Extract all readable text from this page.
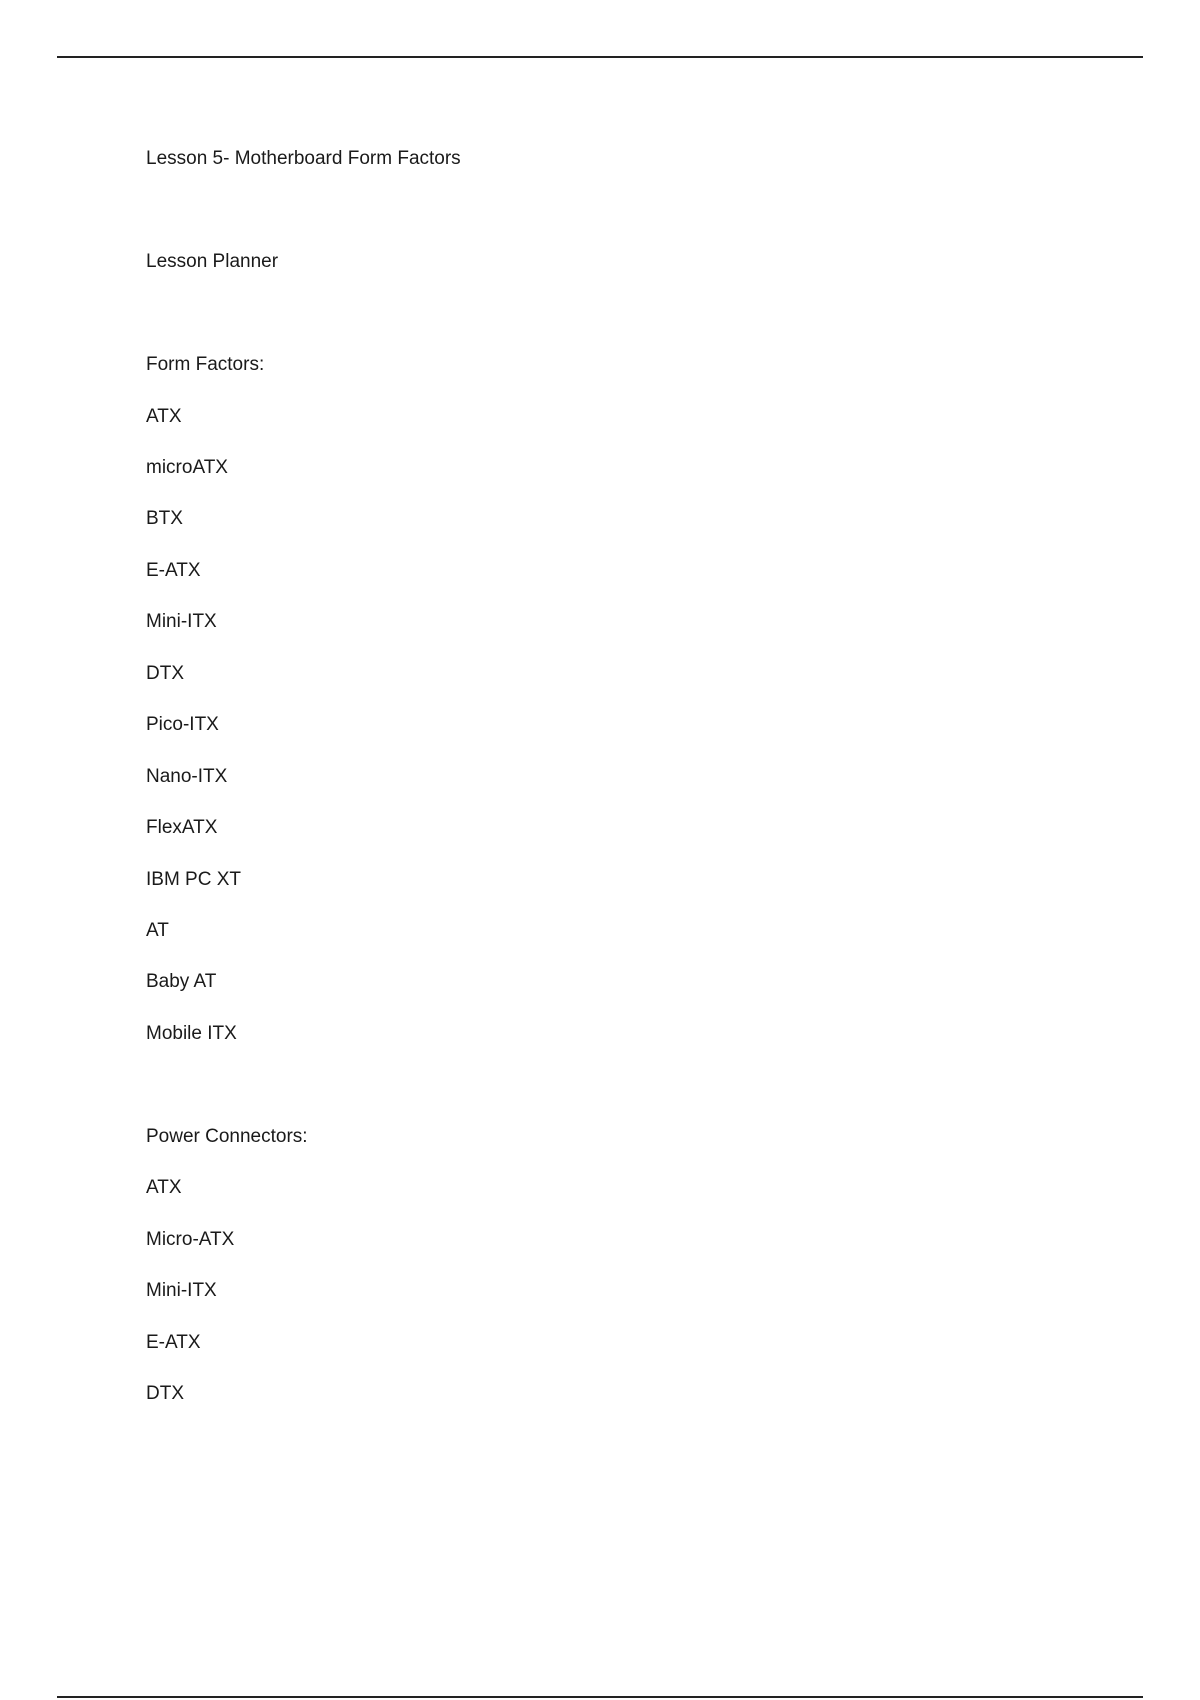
Lesson 5- Motherboard Form Factors
Lesson Planner
Form Factors:
ATX
microATX
BTX
E-ATX
Mini-ITX
DTX
Pico-ITX
Nano-ITX
FlexATX
IBM PC XT
AT
Baby AT
Mobile ITX
Power Connectors:
ATX
Micro-ATX
Mini-ITX
E-ATX
DTX
